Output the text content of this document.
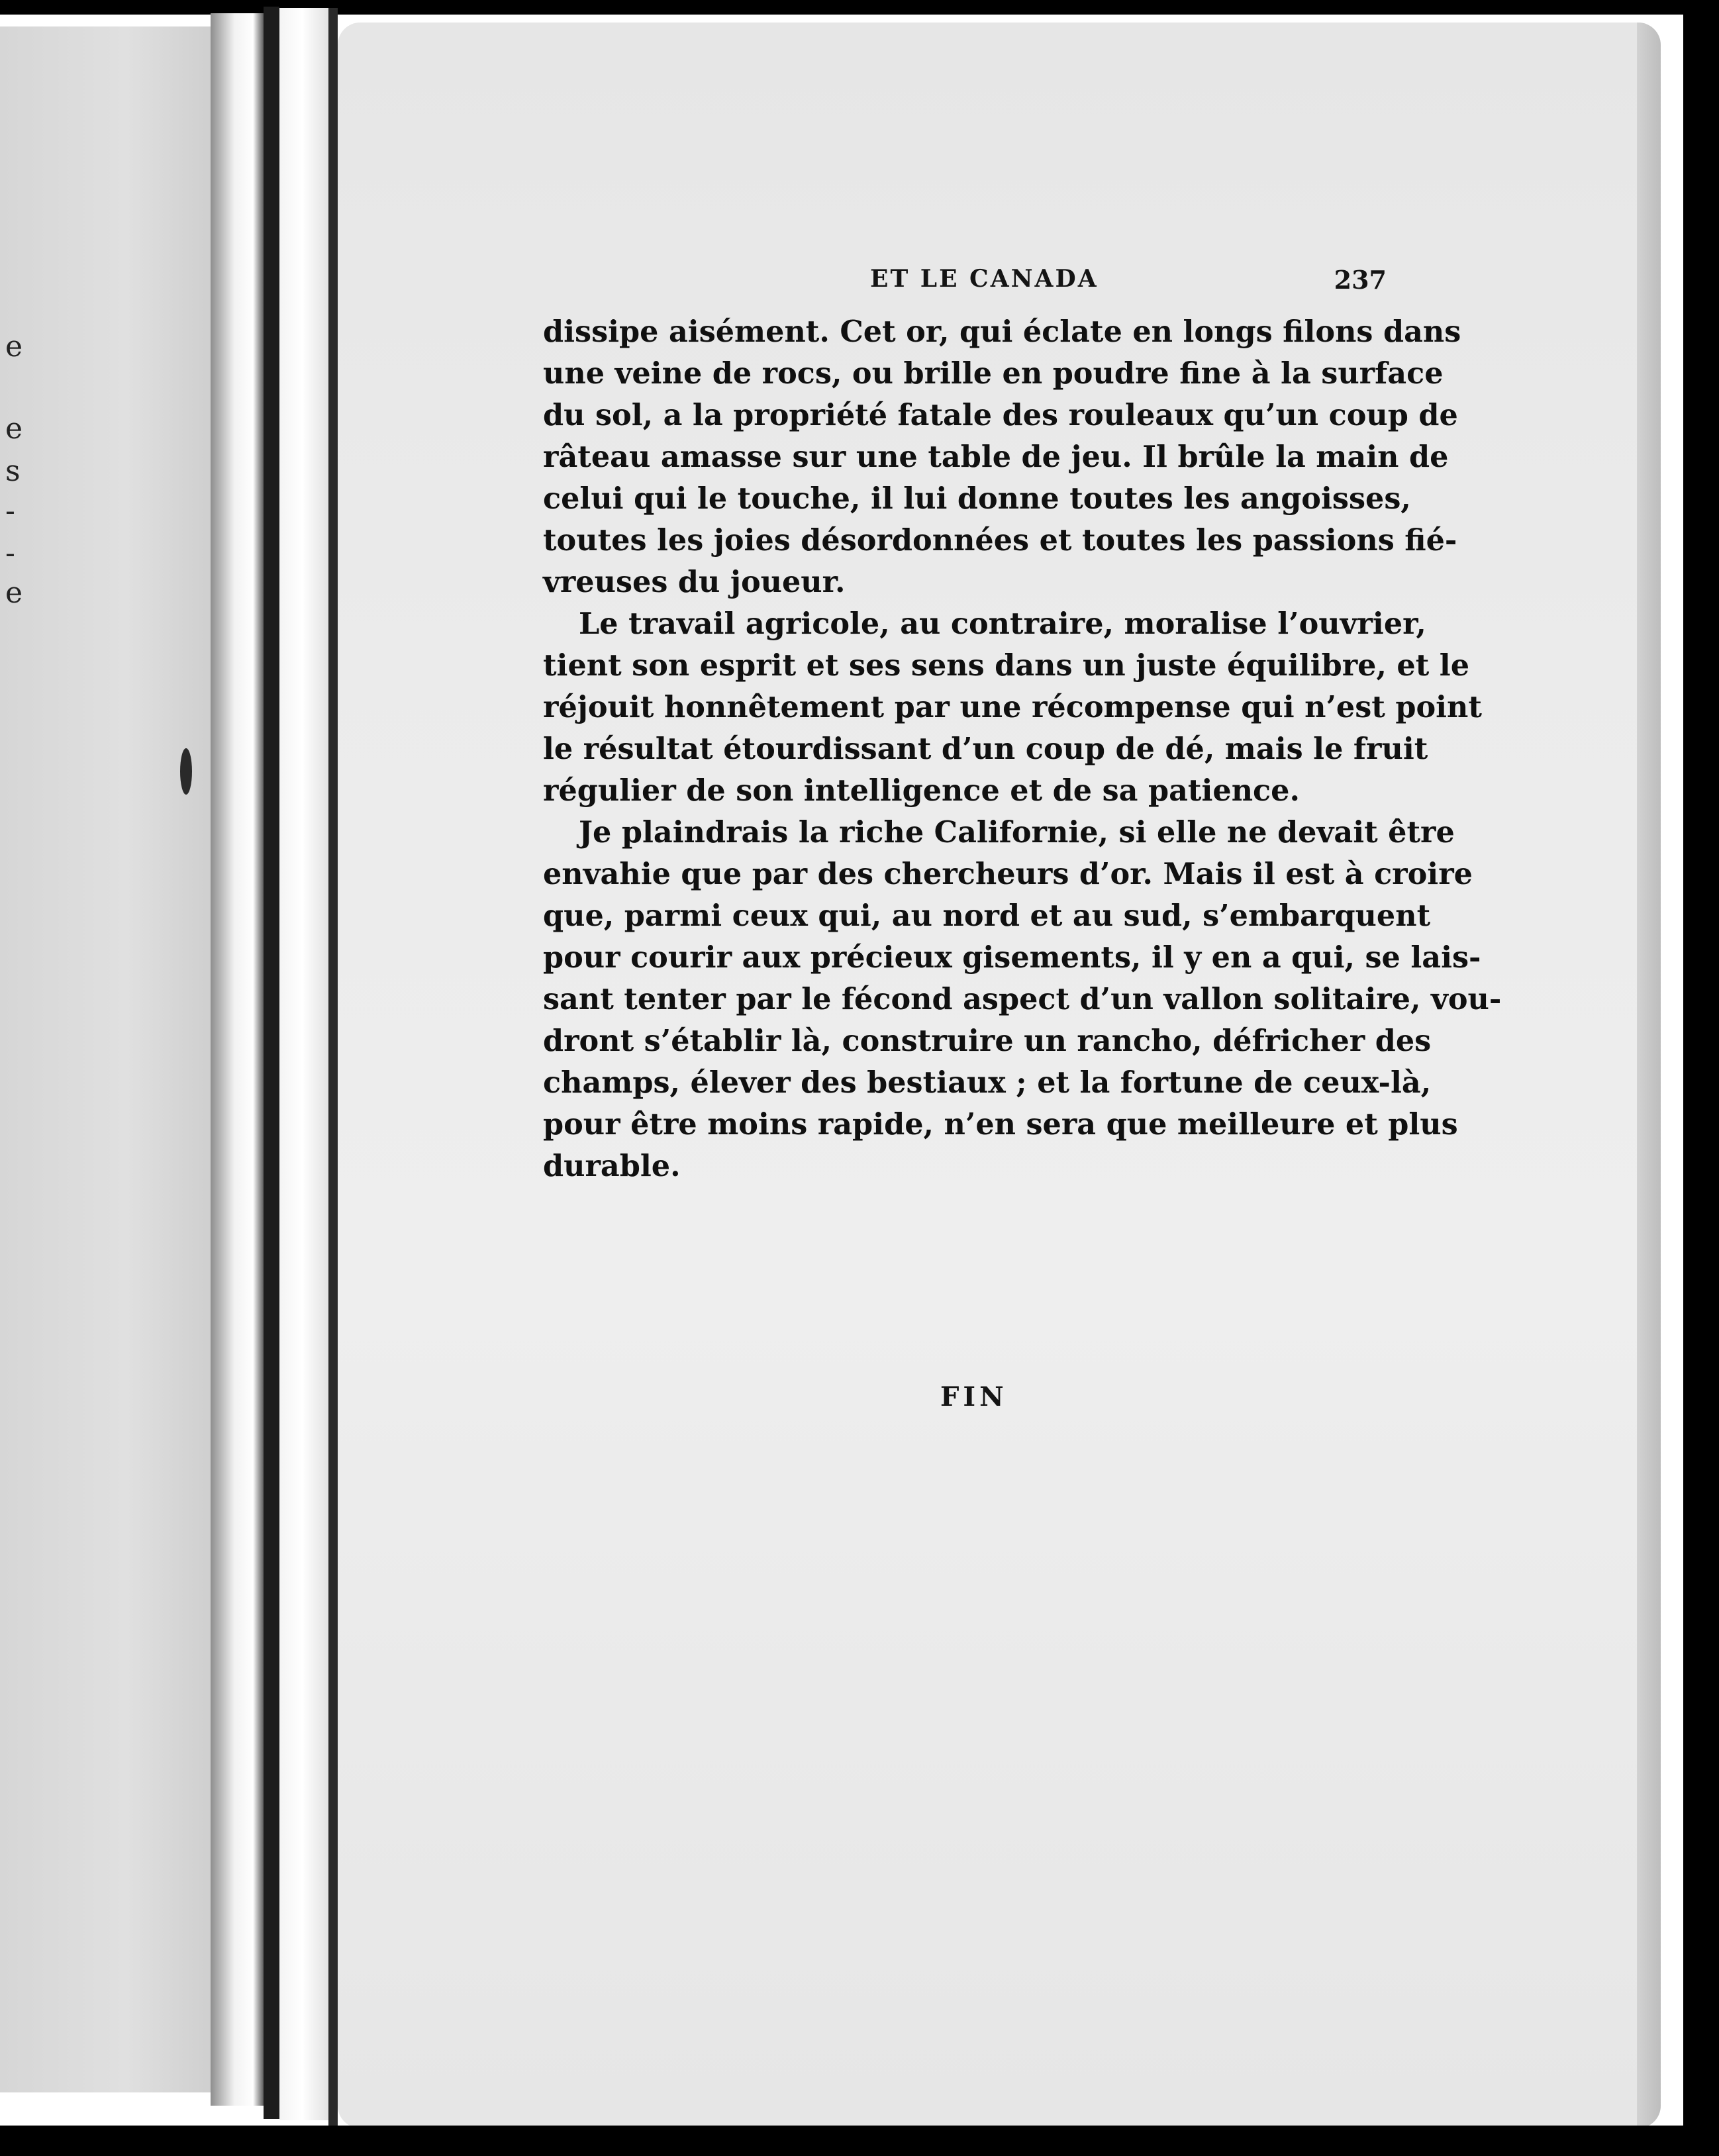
e
e
s
-
-
e
ET LE CANADA	237
dissipe aisément. Cet or, qui éclate en longs filons dans
une veine de rocs, ou brille en poudre fine à la surface
du sol, a la propriété fatale des rouleaux qu’un coup de
râteau amasse sur une table de jeu. Il brûle la main de
celui qui le touche, il lui donne toutes les angoisses,
toutes les joies désordonnées et toutes les passions fié-
vreuses du joueur.
Le travail agricole, au contraire, moralise l’ouvrier,
tient son esprit et ses sens dans un juste équilibre, et le
réjouit honnêtement par une récompense qui n’est point
le résultat étourdissant d’un coup de dé, mais le fruit
régulier de son intelligence et de sa patience.
Je plaindrais la riche Californie, si elle ne devait être
envahie que par des chercheurs d’or. Mais il est à croire
que, parmi ceux qui, au nord et au sud, s’embarquent
pour courir aux précieux gisements, il y en a qui, se lais-
sant tenter par le fécond aspect d’un vallon solitaire, vou-
dront s’établir là, construire un rancho, défricher des
champs, élever des bestiaux ; et la fortune de ceux-là,
pour être moins rapide, n’en sera que meilleure et plus
durable.
FIN
